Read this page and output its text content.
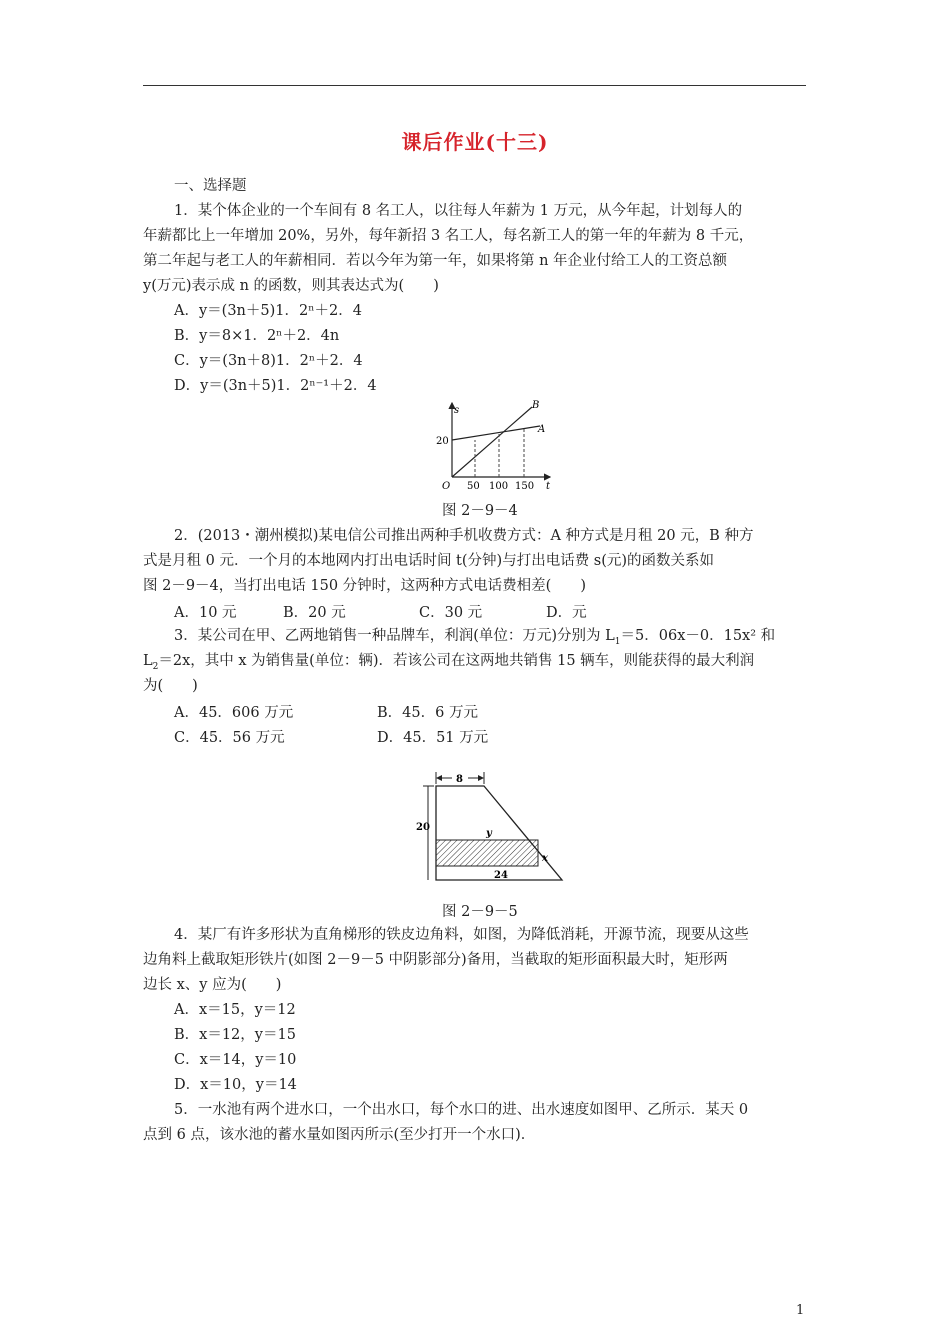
课后作业(十三)
一、选择题
1．某个体企业的一个车间有 8 名工人，以往每人年薪为 1 万元，从今年起，计划每人的
年薪都比上一年增加 20%，另外，每年新招 3 名工人，每名新工人的第一年的年薪为 8 千元，
第二年起与老工人的年薪相同．若以今年为第一年，如果将第 n 年企业付给工人的工资总额
y(万元)表示成 n 的函数，则其表达式为(　　)
A．y＝(3n＋5)1．2ⁿ＋2．4
B．y＝8×1．2ⁿ＋2．4n
C．y＝(3n＋8)1．2ⁿ＋2．4
D．y＝(3n＋5)1．2ⁿ⁻¹＋2．4
s
t
O
20
50 100 150
A
B
图 2－9－4
2．(2013・潮州模拟)某电信公司推出两种手机收费方式：A 种方式是月租 20 元，B 种方
式是月租 0 元．一个月的本地网内打出电话时间 t(分钟)与打出电话费 s(元)的函数关系如
图 2－9－4，当打出电话 150 分钟时，这两种方式电话费相差(　　)
A．10 元	B．20 元	C．30 元	D．元
3．某公司在甲、乙两地销售一种品牌车，利润(单位：万元)分别为 $L_1=5$．06x－0．15x² 和
$L_2=2x$，其中 x 为销售量(单位：辆)．若该公司在这两地共销售 15 辆车，则能获得的最大利润
为(　　)
A．45．606 万元	B．45．6 万元
C．45．56 万元	D．45．51 万元
8
20
y
x
24
图 2－9－5
4．某厂有许多形状为直角梯形的铁皮边角料，如图，为降低消耗，开源节流，现要从这些
边角料上截取矩形铁片(如图 2－9－5 中阴影部分)备用，当截取的矩形面积最大时，矩形两
边长 x、y 应为(　　)
A．x＝15，y＝12
B．x＝12，y＝15
C．x＝14，y＝10
D．x＝10，y＝14
5．一水池有两个进水口，一个出水口，每个水口的进、出水速度如图甲、乙所示．某天 0
点到 6 点，该水池的蓄水量如图丙所示(至少打开一个水口)．
1
